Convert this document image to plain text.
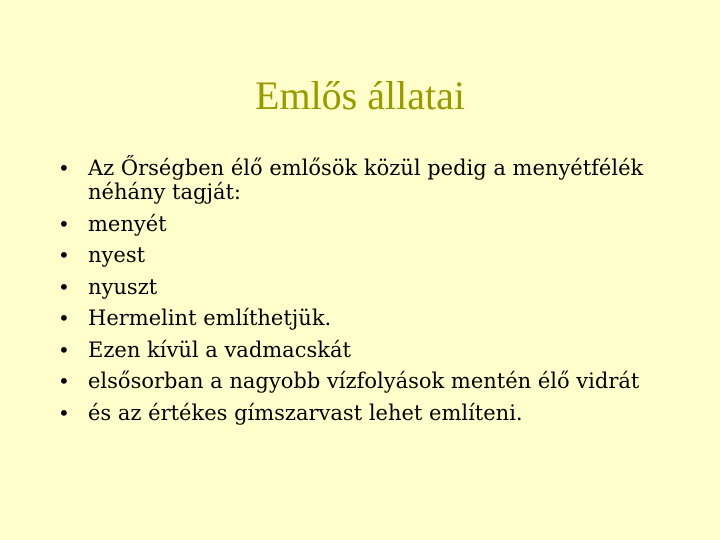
Emlős állatai
• Az Őrségben élő emlősök közül pedig a menyétfélék néhány tagját:
• menyét
• nyest
• nyuszt
• Hermelint említhetjük.
• Ezen kívül a vadmacskát
• elsősorban a nagyobb vízfolyások mentén élő vidrát
• és az értékes gímszarvast lehet említeni.
